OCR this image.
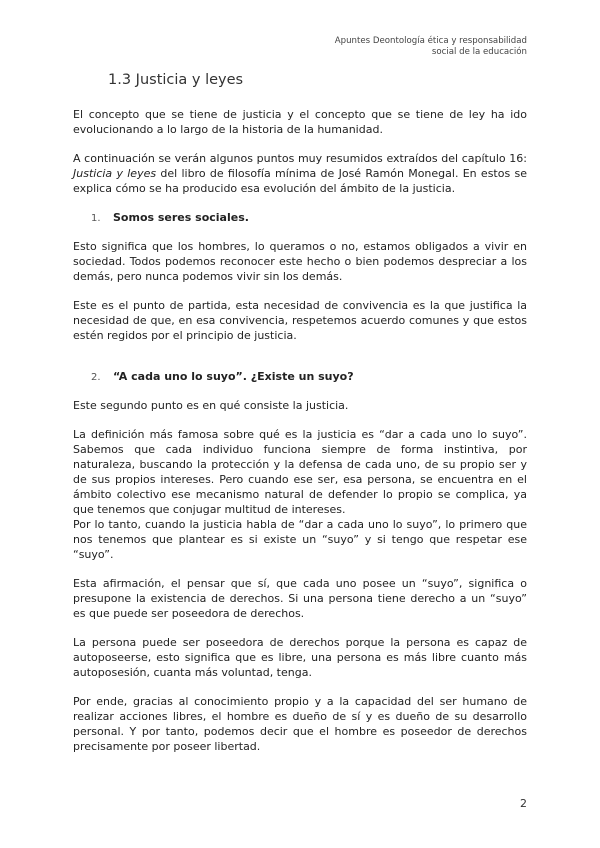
Apuntes Deontología ética y responsabilidad
social de la educación
1.3 Justicia y leyes

El concepto que se tiene de justicia y el concepto que se tiene de ley ha ido evolucionando a lo largo de la historia de la humanidad.

A continuación se verán algunos puntos muy resumidos extraídos del capítulo 16: Justicia y leyes del libro de filosofía mínima de José Ramón Monegal. En estos se explica cómo se ha producido esa evolución del ámbito de la justicia.

1. Somos seres sociales.

Esto significa que los hombres, lo queramos o no, estamos obligados a vivir en sociedad. Todos podemos reconocer este hecho o bien podemos despreciar a los demás, pero nunca podemos vivir sin los demás.

Este es el punto de partida, esta necesidad de convivencia es la que justifica la necesidad de que, en esa convivencia, respetemos acuerdo comunes y que estos estén regidos por el principio de justicia.

2. “A cada uno lo suyo”. ¿Existe un suyo?

Este segundo punto es en qué consiste la justicia.

La definición más famosa sobre qué es la justicia es “dar a cada uno lo suyo”. Sabemos que cada individuo funciona siempre de forma instintiva, por naturaleza, buscando la protección y la defensa de cada uno, de su propio ser y de sus propios intereses. Pero cuando ese ser, esa persona, se encuentra en el ámbito colectivo ese mecanismo natural de defender lo propio se complica, ya que tenemos que conjugar multitud de intereses.

Por lo tanto, cuando la justicia habla de “dar a cada uno lo suyo”, lo primero que nos tenemos que plantear es si existe un “suyo” y si tengo que respetar ese “suyo”.

Esta afirmación, el pensar que sí, que cada uno posee un “suyo”, significa o presupone la existencia de derechos. Si una persona tiene derecho a un “suyo” es que puede ser poseedora de derechos.

La persona puede ser poseedora de derechos porque la persona es capaz de autoposeerse, esto significa que es libre, una persona es más libre cuanto más autoposesión, cuanta más voluntad, tenga.

Por ende, gracias al conocimiento propio y a la capacidad del ser humano de realizar acciones libres, el hombre es dueño de sí y es dueño de su desarrollo personal. Y por tanto, podemos decir que el hombre es poseedor de derechos precisamente por poseer libertad.

2
